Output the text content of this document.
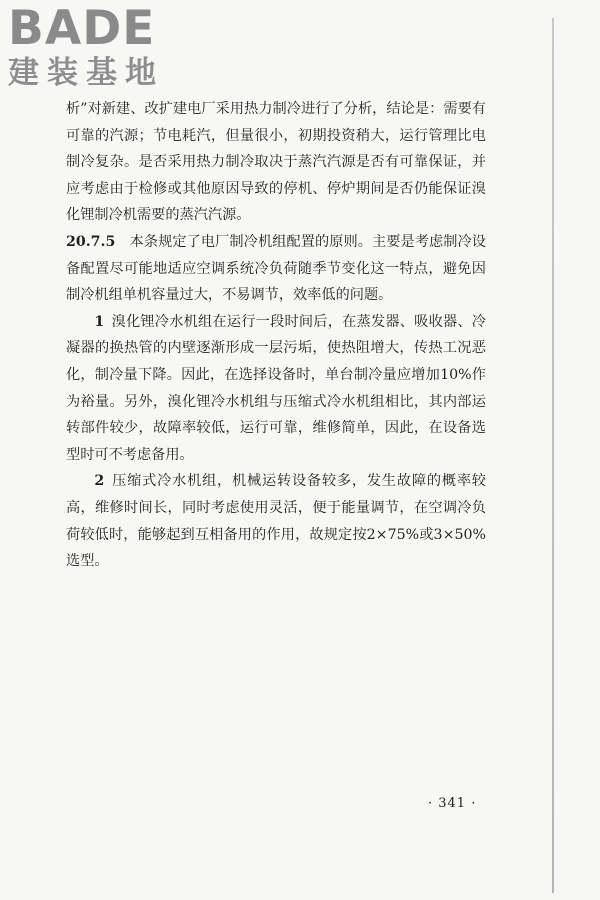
BADE
建装基地

析”对新建、改扩建电厂采用热力制冷进行了分析，结论是：需要有可靠的汽源；节电耗汽，但量很小，初期投资稍大，运行管理比电制冷复杂。是否采用热力制冷取决于蒸汽汽源是否有可靠保证，并应考虑由于检修或其他原因导致的停机、停炉期间是否仍能保证溴化锂制冷机需要的蒸汽汽源。

20.7.5  本条规定了电厂制冷机组配置的原则。主要是考虑制冷设备配置尽可能地适应空调系统冷负荷随季节变化这一特点，避免因制冷机组单机容量过大，不易调节，效率低的问题。

1  溴化锂冷水机组在运行一段时间后，在蒸发器、吸收器、冷凝器的换热管的内壁逐渐形成一层污垢，使热阻增大，传热工况恶化，制冷量下降。因此，在选择设备时，单台制冷量应增加10%作为裕量。另外，溴化锂冷水机组与压缩式冷水机组相比，其内部运转部件较少，故障率较低，运行可靠，维修简单，因此，在设备选型时可不考虑备用。

2  压缩式冷水机组，机械运转设备较多，发生故障的概率较高，维修时间长，同时考虑使用灵活，便于能量调节，在空调冷负荷较低时，能够起到互相备用的作用，故规定按2×75%或3×50%选型。

· 341 ·
